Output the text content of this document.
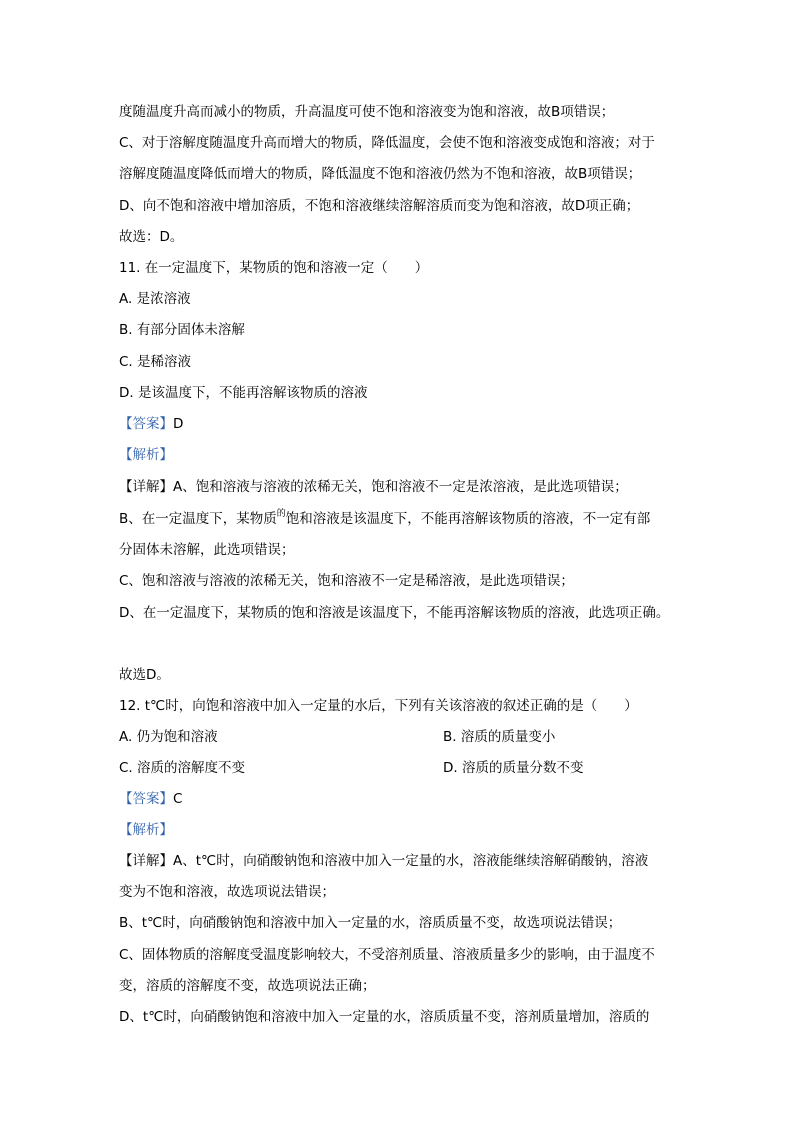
度随温度升高而减小的物质，升高温度可使不饱和溶液变为饱和溶液，故B项错误；
C、对于溶解度随温度升高而增大的物质，降低温度，会使不饱和溶液变成饱和溶液；对于
溶解度随温度降低而增大的物质，降低温度不饱和溶液仍然为不饱和溶液，故B项错误；
D、向不饱和溶液中增加溶质，不饱和溶液继续溶解溶质而变为饱和溶液，故D项正确；
故选：D。
11. 在一定温度下，某物质的饱和溶液一定（　　）
A. 是浓溶液
B. 有部分固体未溶解
C. 是稀溶液
D. 是该温度下，不能再溶解该物质的溶液
【答案】D
【解析】
【详解】A、饱和溶液与溶液的浓稀无关，饱和溶液不一定是浓溶液，是此选项错误；
B、在一定温度下，某物质$^的$饱和溶液是该温度下，不能再溶解该物质的溶液，不一定有部
分固体未溶解，此选项错误；
C、饱和溶液与溶液的浓稀无关，饱和溶液不一定是稀溶液，是此选项错误；
D、在一定温度下，某物质的饱和溶液是该温度下，不能再溶解该物质的溶液，此选项正确。
故选D。
12. t℃时，向饱和溶液中加入一定量的水后，下列有关该溶液的叙述正确的是（　　）
A. 仍为饱和溶液	B. 溶质的质量变小
C. 溶质的溶解度不变	D. 溶质的质量分数不变
【答案】C
【解析】
【详解】A、t℃时，向硝酸钠饱和溶液中加入一定量的水，溶液能继续溶解硝酸钠，溶液
变为不饱和溶液，故选项说法错误；
B、t℃时，向硝酸钠饱和溶液中加入一定量的水，溶质质量不变，故选项说法错误；
C、固体物质的溶解度受温度影响较大，不受溶剂质量、溶液质量多少的影响，由于温度不
变，溶质的溶解度不变，故选项说法正确；
D、t℃时，向硝酸钠饱和溶液中加入一定量的水，溶质质量不变，溶剂质量增加，溶质的
